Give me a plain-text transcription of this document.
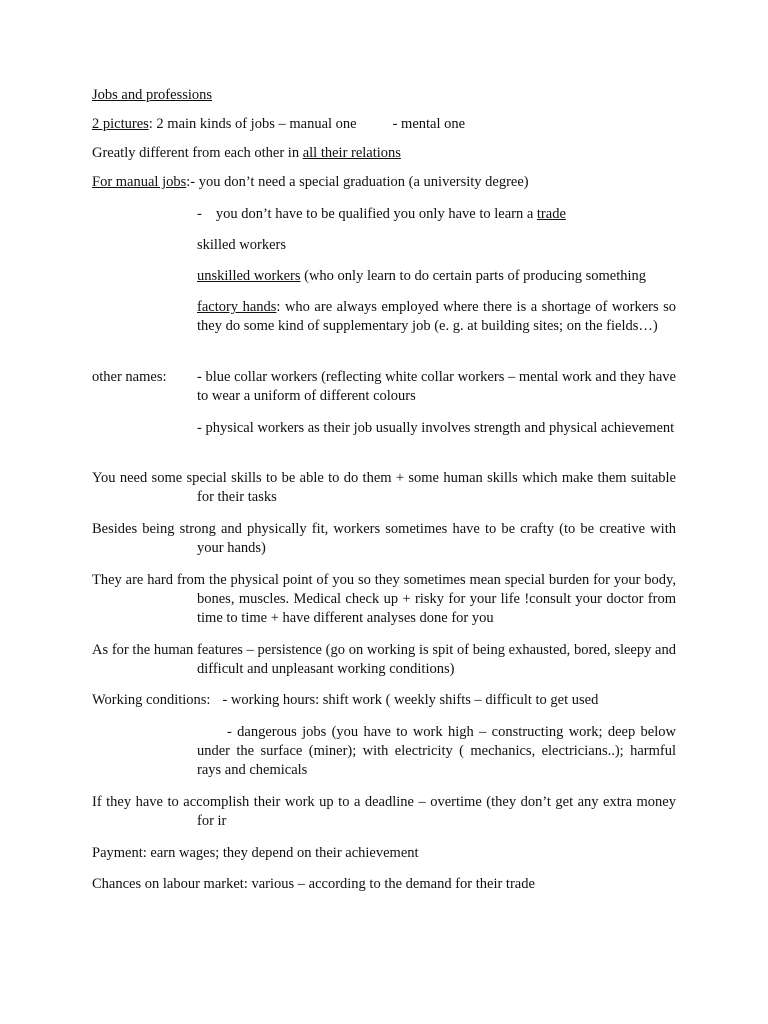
Jobs and professions
2 pictures: 2 main kinds of jobs – manual one - mental one
Greatly different from each other in all their relations
For manual jobs:- you don’t need a special graduation (a university degree)
- you don’t have to be qualified you only have to learn a trade
skilled workers
unskilled workers (who only learn to do certain parts of producing something
factory hands: who are always employed where there is a shortage of workers so they do some kind of supplementary job (e. g. at building sites; on the fields…)
other names:	- blue collar workers (reflecting white collar workers – mental work and they have to wear a uniform of different colours
- physical workers as their job usually involves strength and physical achievement
You need some special skills to be able to do them + some human skills which make them suitable for their tasks
Besides being strong and physically fit, workers sometimes have to be crafty (to be creative with your hands)
They are hard from the physical point of you so they sometimes mean special burden for your body, bones, muscles. Medical check up + risky for your life !consult your doctor from time to time + have different analyses done for you
As for the human features – persistence (go on working is spit of being exhausted, bored, sleepy and difficult and unpleasant working conditions)
Working conditions: - working hours: shift work ( weekly shifts – difficult to get used
- dangerous jobs (you have to work high – constructing work; deep below under the surface (miner); with electricity ( mechanics, electricians..); harmful rays and chemicals
If they have to accomplish their work up to a deadline – overtime (they don’t get any extra money for ir
Payment: earn wages; they depend on their achievement
Chances on labour market: various – according to the demand for their trade
